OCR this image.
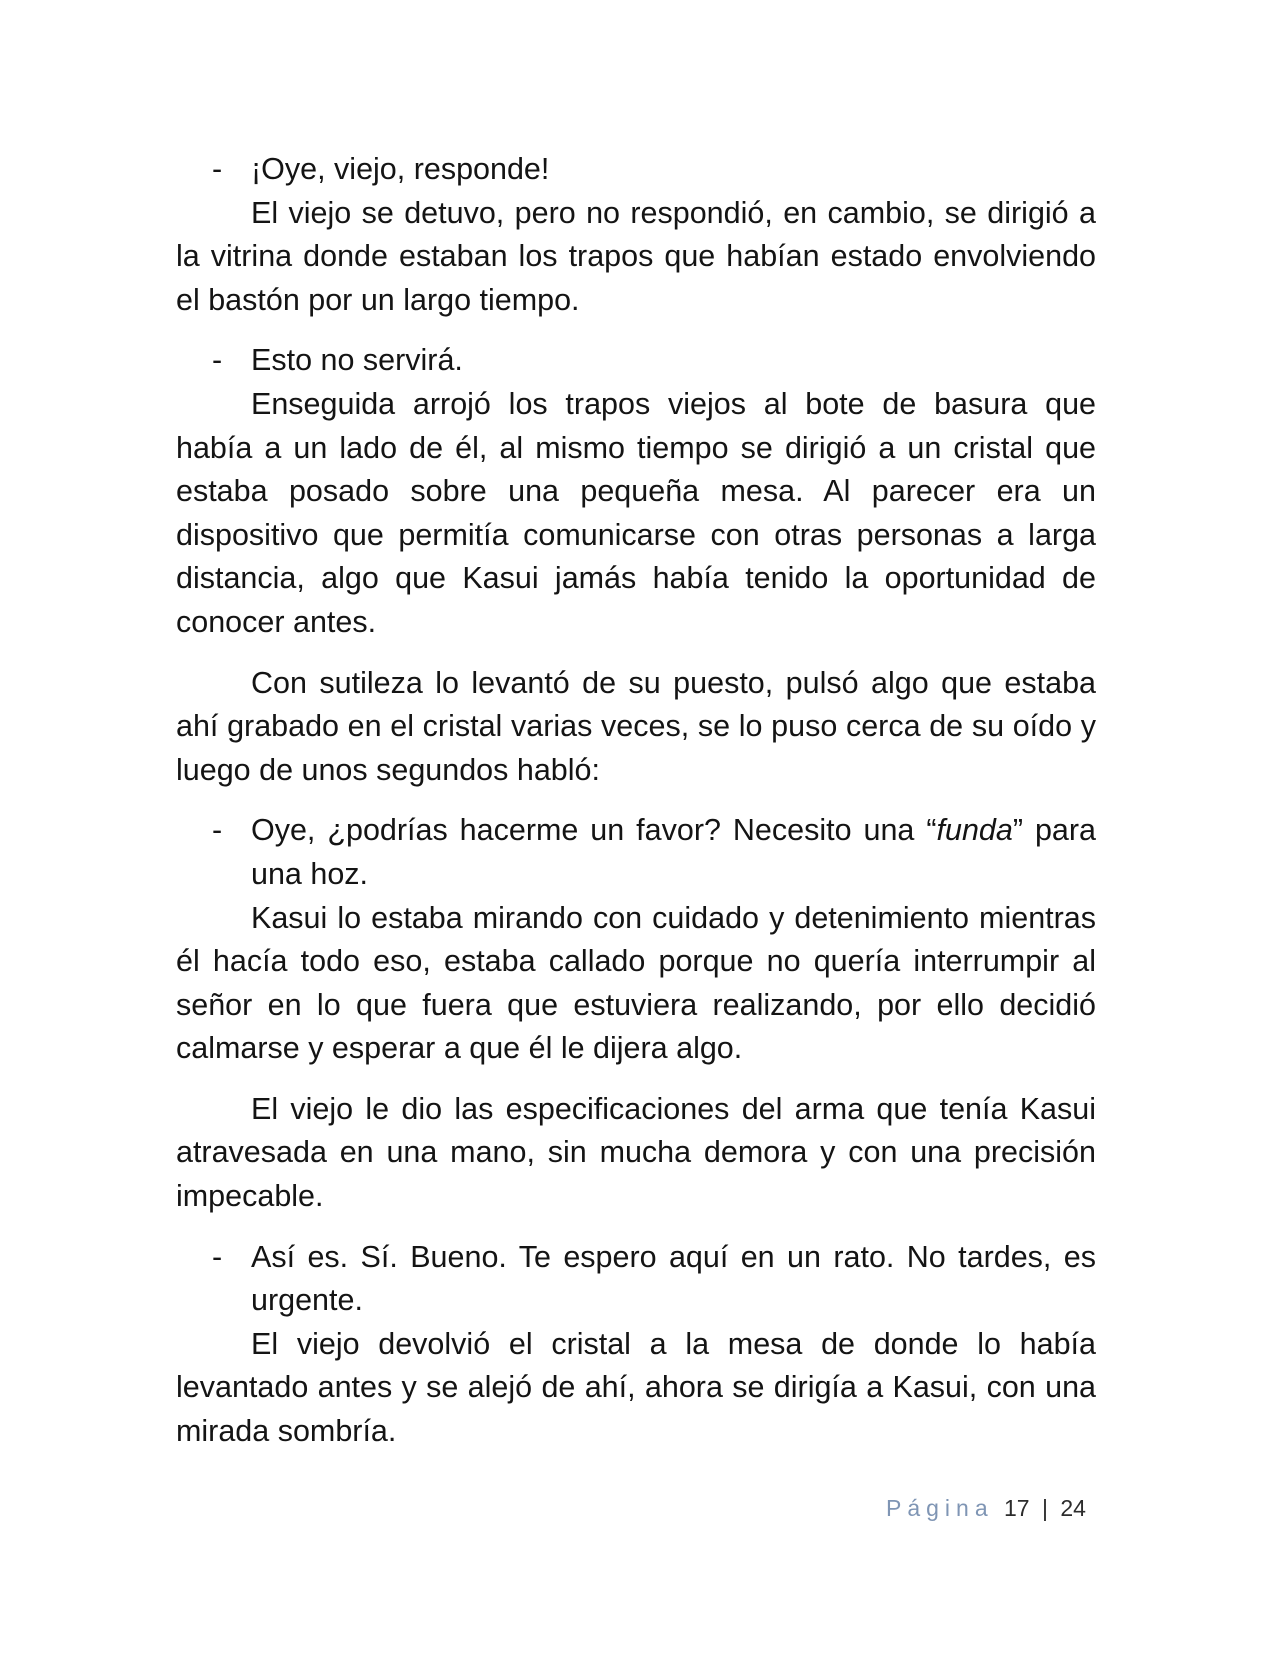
- ¡Oye, viejo, responde!
El viejo se detuvo, pero no respondió, en cambio, se dirigió a la vitrina donde estaban los trapos que habían estado envolviendo el bastón por un largo tiempo.
- Esto no servirá.
Enseguida arrojó los trapos viejos al bote de basura que había a un lado de él, al mismo tiempo se dirigió a un cristal que estaba posado sobre una pequeña mesa. Al parecer era un dispositivo que permitía comunicarse con otras personas a larga distancia, algo que Kasui jamás había tenido la oportunidad de conocer antes.
Con sutileza lo levantó de su puesto, pulsó algo que estaba ahí grabado en el cristal varias veces, se lo puso cerca de su oído y luego de unos segundos habló:
- Oye, ¿podrías hacerme un favor? Necesito una “funda” para una hoz.
Kasui lo estaba mirando con cuidado y detenimiento mientras él hacía todo eso, estaba callado porque no quería interrumpir al señor en lo que fuera que estuviera realizando, por ello decidió calmarse y esperar a que él le dijera algo.
El viejo le dio las especificaciones del arma que tenía Kasui atravesada en una mano, sin mucha demora y con una precisión impecable.
- Así es. Sí. Bueno. Te espero aquí en un rato. No tardes, es urgente.
El viejo devolvió el cristal a la mesa de donde lo había levantado antes y se alejó de ahí, ahora se dirigía a Kasui, con una mirada sombría.
Página 17 | 24
